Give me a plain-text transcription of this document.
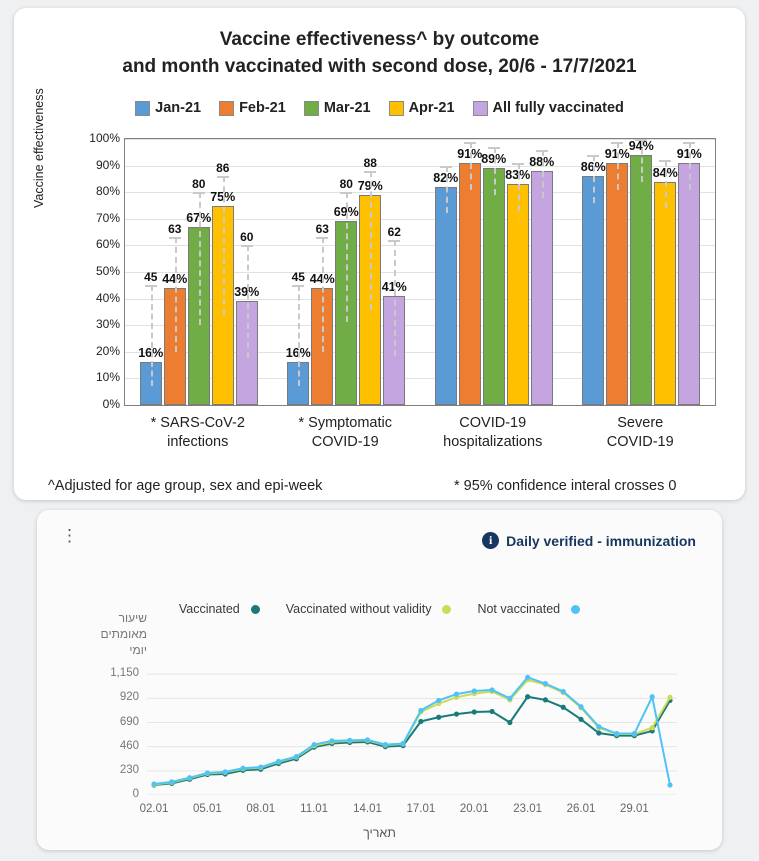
Vaccine effectiveness^ by outcome
and month vaccinated with second dose, 20/6 - 17/7/2021
Jan-21	Feb-21	Mar-21	Apr-21	All fully vaccinated
Vaccine effectiveness
0%
10%
20%
30%
40%
50%
60%
70%
80%
90%
100%
16%
45
16%
45
82%
86%
44%
63
44%
63
91%	91%
67%
80
69%
80
89%
94%
75%
86
79%
88
83%	84%
39%
60
41%
62
88%
91%
* SARS-CoV-2
infections
* Symptomatic
COVID-19
COVID-19
hospitalizations
Severe
COVID-19
^Adjusted for age group, sex and epi-week	* 95% confidence interal crosses 0
⋮	i Daily verified - immunization
Vaccinated	Vaccinated without validity	Not vaccinated
שיעור מאומתים יומי
0
230
460
690
920
1,150
02.01	05.01	08.01	11.01	14.01	17.01	20.01	23.01	26.01	29.01
תאריך
